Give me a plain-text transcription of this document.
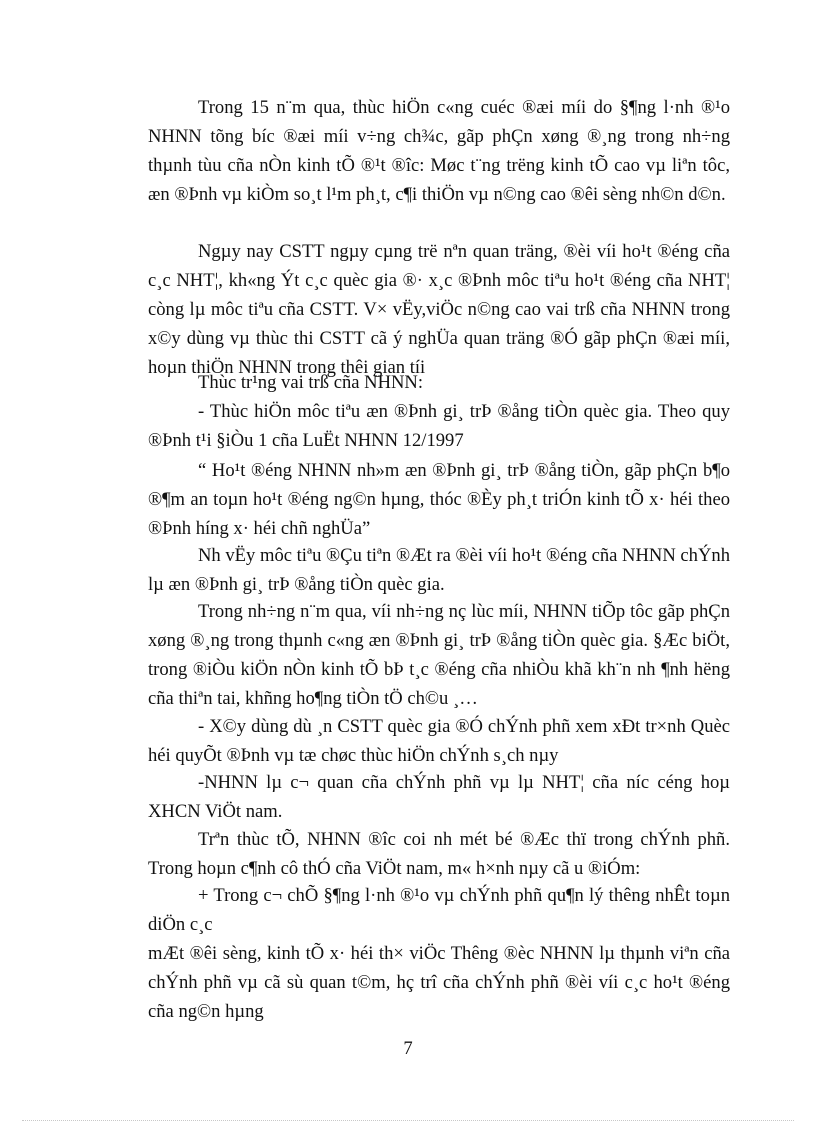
Trong 15 n¨m qua, thùc hiÖn c«ng cuéc ®æi míi do §¶ng l·nh ®¹o NHNN tõng bíc ®æi míi v÷ng ch¾c, gãp phÇn xøng ®¸ng trong nh÷ng thµnh tùu cña nÒn kinh tÕ ®¹t ®îc: Møc t¨ng trëng kinh tÕ cao vµ liªn tôc, æn ®Þnh vµ kiÒm so¸t l¹m ph¸t, c¶i thiÖn vµ n©ng cao ®êi sèng nh©n d©n.

Ngµy nay CSTT ngµy cµng trë nªn quan träng, ®èi víi ho¹t ®éng cña c¸c NHT¦, kh«ng Ýt c¸c quèc gia ®· x¸c ®Þnh môc tiªu ho¹t ®éng cña NHT¦ còng lµ môc tiªu cña CSTT. V× vËy,viÖc n©ng cao vai trß cña NHNN trong x©y dùng vµ thùc thi CSTT cã ý nghÜa quan träng ®Ó gãp phÇn ®æi míi, hoµn thiÖn NHNN trong thêi gian tíi

Thùc tr¹ng vai trß cña NHNN:

- Thùc hiÖn môc tiªu æn ®Þnh gi¸ trÞ ®ång tiÒn quèc gia. Theo quy ®Þnh t¹i §iÒu 1 cña LuËt NHNN 12/1997

“ Ho¹t ®éng NHNN nh»m æn ®Þnh gi¸ trÞ ®ång tiÒn, gãp phÇn b¶o ®¶m an toµn ho¹t ®éng ng©n hµng, thóc ®Èy ph¸t triÓn kinh tÕ x· héi theo ®Þnh híng x· héi chñ nghÜa”

Nh vËy môc tiªu ®Çu tiªn ®Æt ra ®èi víi ho¹t ®éng cña NHNN chÝnh lµ æn ®Þnh gi¸ trÞ ®ång tiÒn quèc gia.

Trong nh÷ng n¨m qua, víi nh÷ng nç lùc míi, NHNN tiÕp tôc gãp phÇn xøng ®¸ng trong thµnh c«ng æn ®Þnh gi¸ trÞ ®ång tiÒn quèc gia. §Æc biÖt, trong ®iÒu kiÖn nÒn kinh tÕ bÞ t¸c ®éng cña nhiÒu khã kh¨n nh ¶nh hëng cña thiªn tai, khñng ho¶ng tiÒn tÖ ch©u ¸…

- X©y dùng dù ¸n CSTT quèc gia ®Ó chÝnh phñ xem xÐt tr×nh Quèc héi quyÕt ®Þnh vµ tæ chøc thùc hiÖn chÝnh s¸ch nµy

-NHNN lµ c¬ quan cña chÝnh phñ vµ lµ NHT¦ cña níc céng hoµ XHCN ViÖt nam.

Trªn thùc tÕ, NHNN ®îc coi nh mét bé ®Æc thï trong chÝnh phñ. Trong hoµn c¶nh cô thÓ cña ViÖt nam, m« h×nh nµy cã u ®iÓm:

+ Trong c¬ chÕ §¶ng l·nh ®¹o vµ chÝnh phñ qu¶n lý thêng nhÊt toµn diÖn c¸c

mÆt ®êi sèng, kinh tÕ x· héi th× viÖc Thêng ®èc NHNN lµ thµnh viªn cña chÝnh phñ vµ cã sù quan t©m, hç trî cña chÝnh phñ ®èi víi c¸c ho¹t ®éng cña ng©n hµng

7
